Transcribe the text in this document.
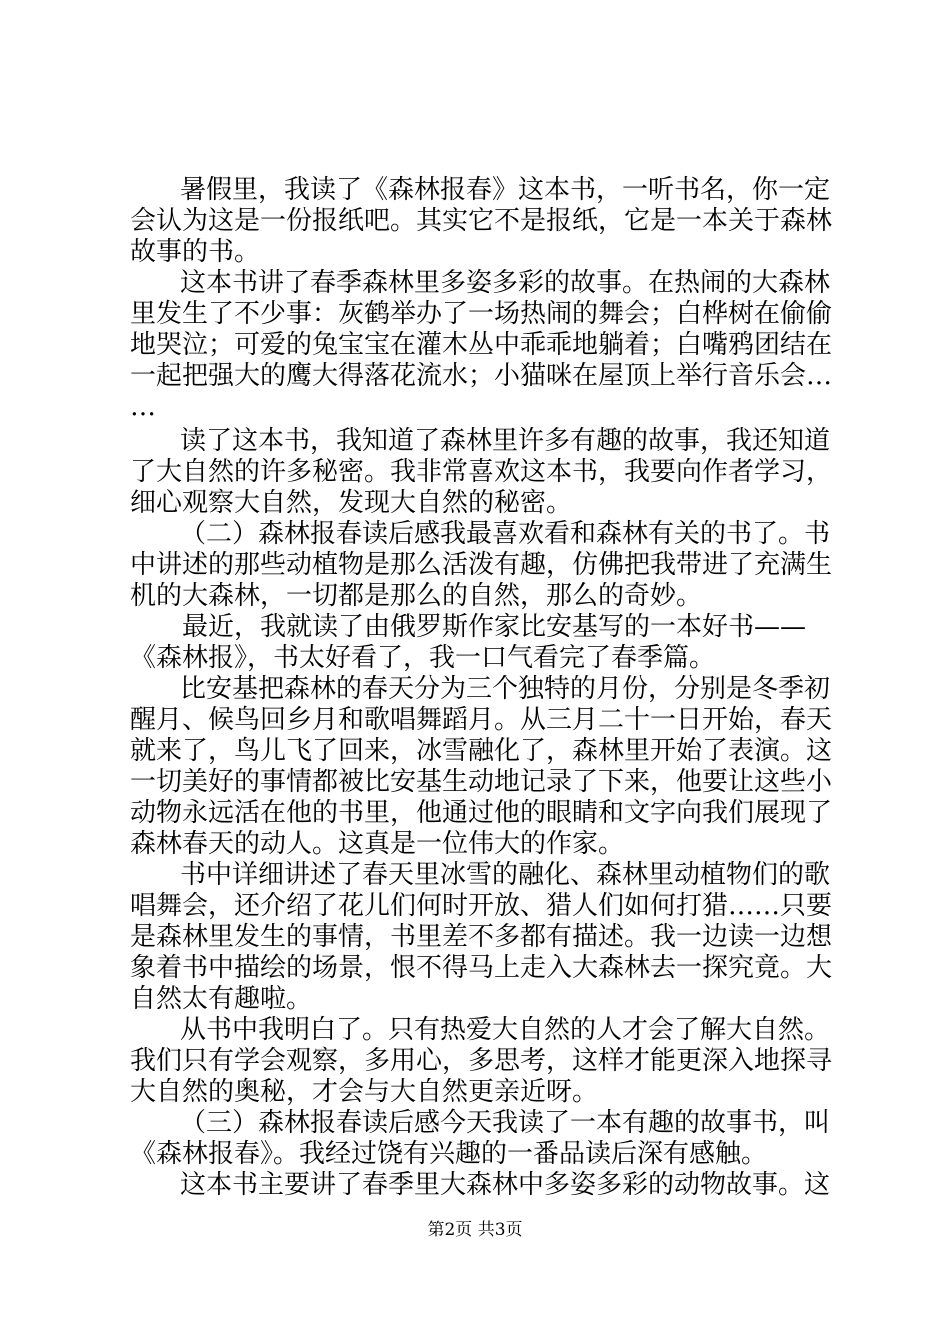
暑假里，我读了《森林报春》这本书，一听书名，你一定
会认为这是一份报纸吧。其实它不是报纸，它是一本关于森林
故事的书。
这本书讲了春季森林里多姿多彩的故事。在热闹的大森林
里发生了不少事：灰鹤举办了一场热闹的舞会；白桦树在偷偷
地哭泣；可爱的兔宝宝在灌木丛中乖乖地躺着；白嘴鸦团结在
一起把强大的鹰大得落花流水；小猫咪在屋顶上举行音乐会…
…
读了这本书，我知道了森林里许多有趣的故事，我还知道
了大自然的许多秘密。我非常喜欢这本书，我要向作者学习，
细心观察大自然，发现大自然的秘密。
（二）森林报春读后感我最喜欢看和森林有关的书了。书
中讲述的那些动植物是那么活泼有趣，仿佛把我带进了充满生
机的大森林，一切都是那么的自然，那么的奇妙。
最近，我就读了由俄罗斯作家比安基写的一本好书——
《森林报》，书太好看了，我一口气看完了春季篇。
比安基把森林的春天分为三个独特的月份，分别是冬季初
醒月、候鸟回乡月和歌唱舞蹈月。从三月二十一日开始，春天
就来了，鸟儿飞了回来，冰雪融化了，森林里开始了表演。这
一切美好的事情都被比安基生动地记录了下来，他要让这些小
动物永远活在他的书里，他通过他的眼睛和文字向我们展现了
森林春天的动人。这真是一位伟大的作家。
书中详细讲述了春天里冰雪的融化、森林里动植物们的歌
唱舞会，还介绍了花儿们何时开放、猎人们如何打猎……只要
是森林里发生的事情，书里差不多都有描述。我一边读一边想
象着书中描绘的场景，恨不得马上走入大森林去一探究竟。大
自然太有趣啦。
从书中我明白了。只有热爱大自然的人才会了解大自然。
我们只有学会观察，多用心，多思考，这样才能更深入地探寻
大自然的奥秘，才会与大自然更亲近呀。
（三）森林报春读后感今天我读了一本有趣的故事书，叫
《森林报春》。我经过饶有兴趣的一番品读后深有感触。
这本书主要讲了春季里大森林中多姿多彩的动物故事。这
第2页 共3页
